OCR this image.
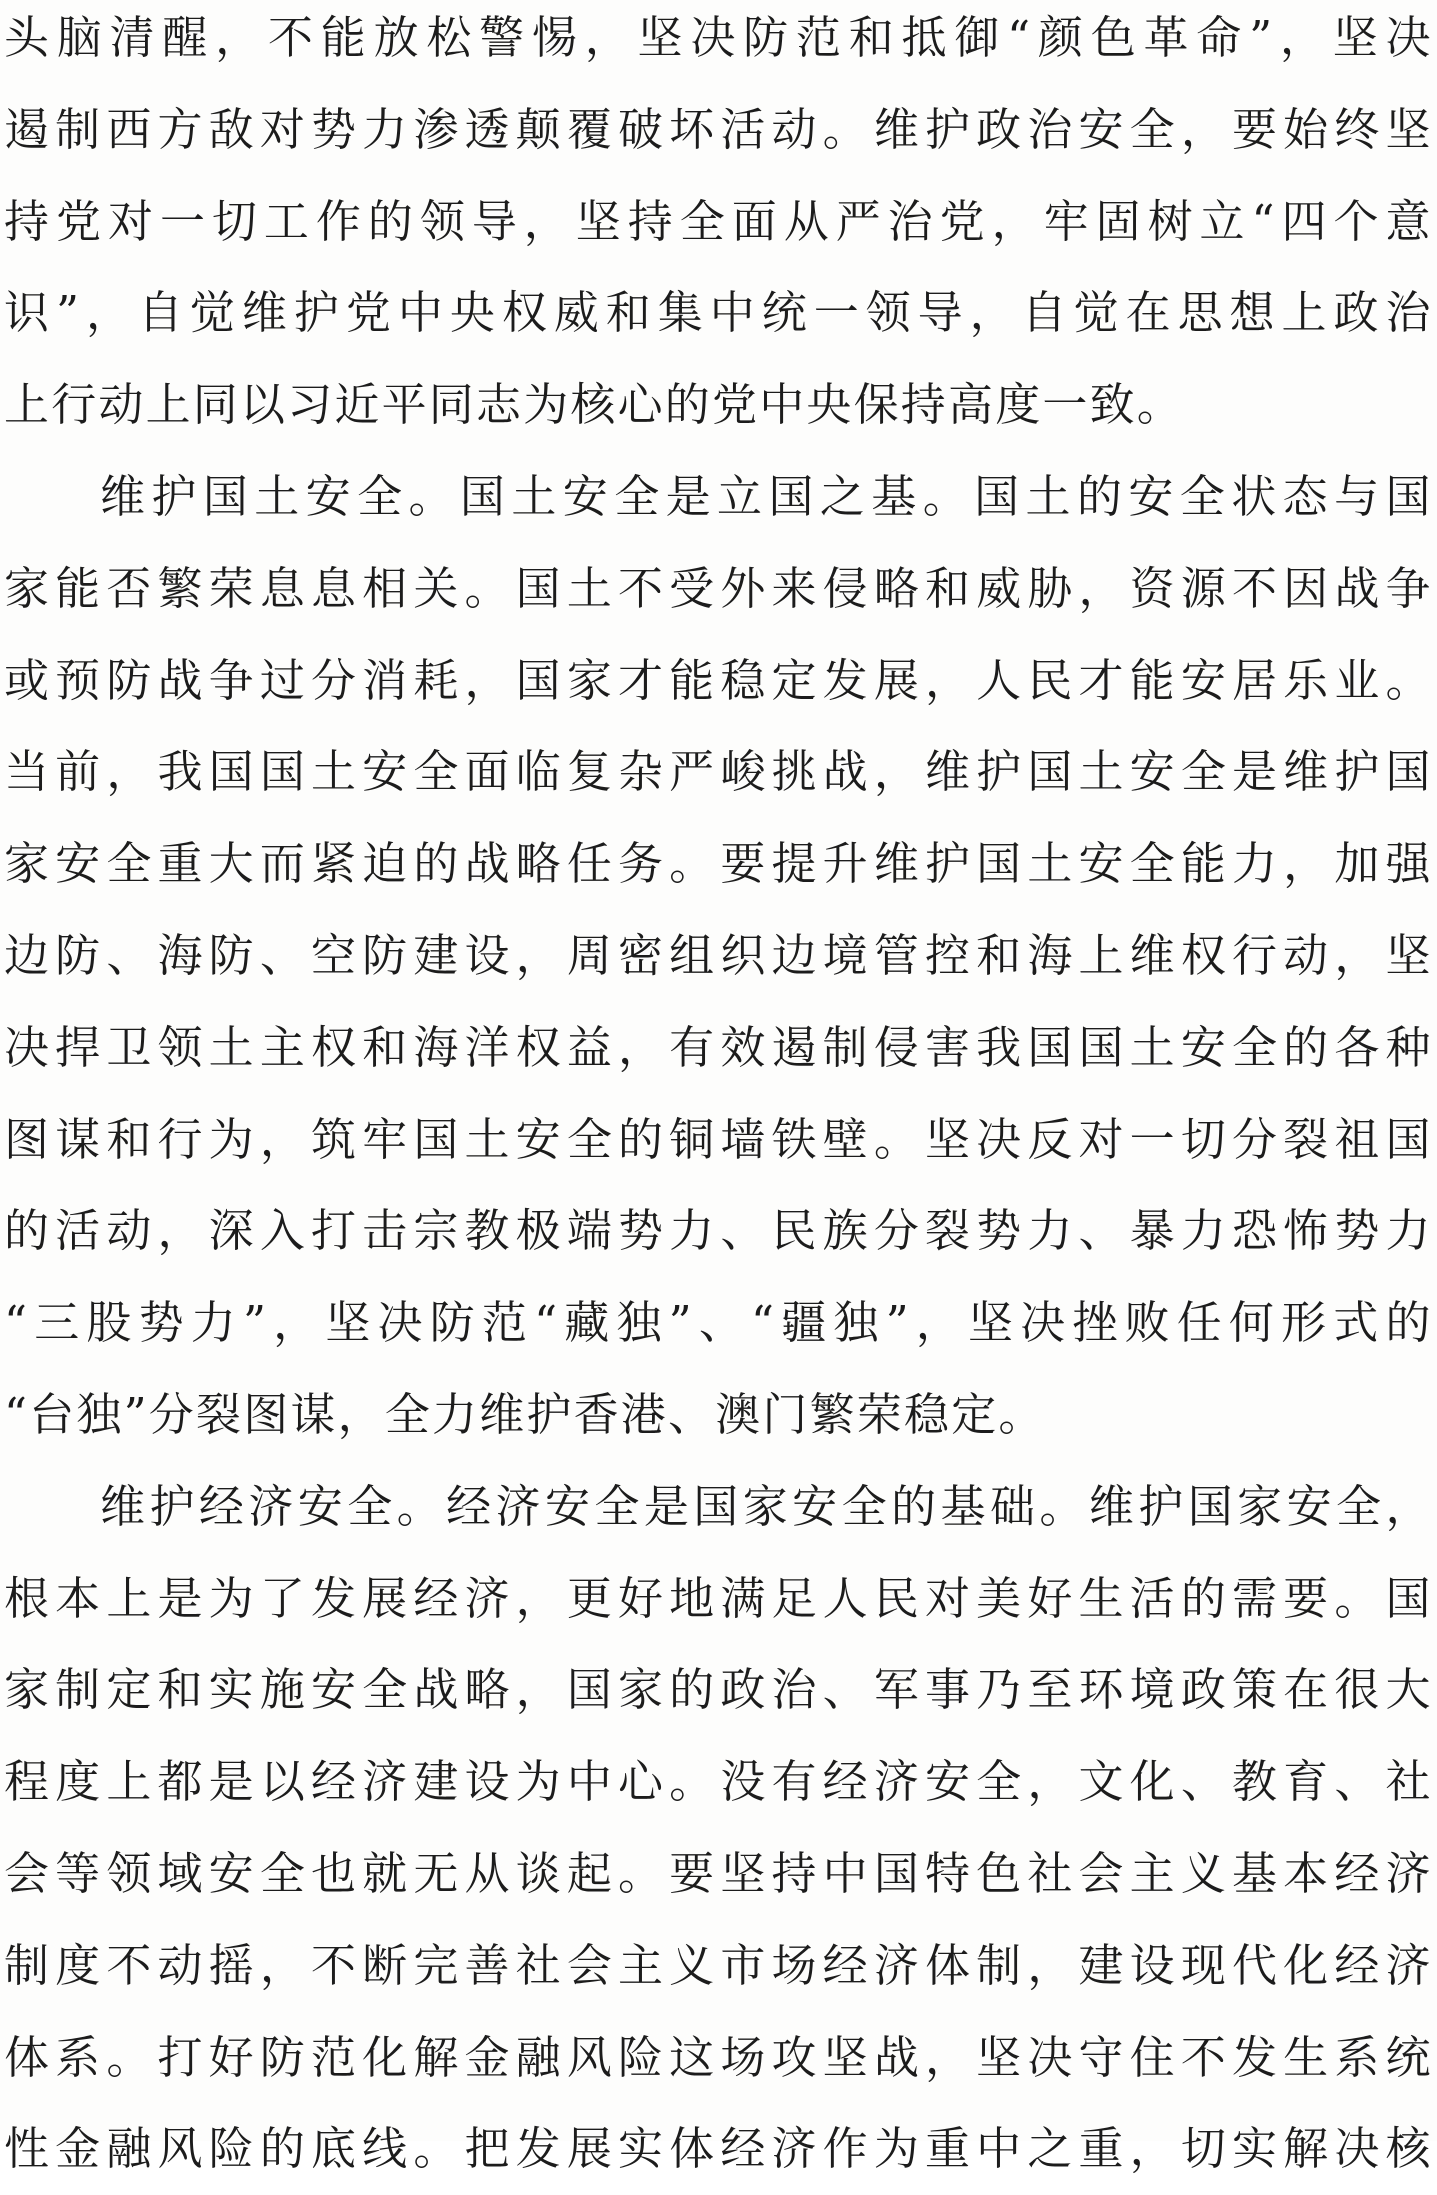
头脑清醒，不能放松警惕，坚决防范和抵御“颜色革命”，坚决
遏制西方敌对势力渗透颠覆破坏活动。维护政治安全，要始终坚
持党对一切工作的领导，坚持全面从严治党，牢固树立“四个意
识”，自觉维护党中央权威和集中统一领导，自觉在思想上政治
上行动上同以习近平同志为核心的党中央保持高度一致。
维护国土安全。国土安全是立国之基。国土的安全状态与国
家能否繁荣息息相关。国土不受外来侵略和威胁，资源不因战争
或预防战争过分消耗，国家才能稳定发展，人民才能安居乐业。
当前，我国国土安全面临复杂严峻挑战，维护国土安全是维护国
家安全重大而紧迫的战略任务。要提升维护国土安全能力，加强
边防、海防、空防建设，周密组织边境管控和海上维权行动，坚
决捍卫领土主权和海洋权益，有效遏制侵害我国国土安全的各种
图谋和行为，筑牢国土安全的铜墙铁壁。坚决反对一切分裂祖国
的活动，深入打击宗教极端势力、民族分裂势力、暴力恐怖势力
“三股势力”，坚决防范“藏独”、“疆独”，坚决挫败任何形式的
“台独”分裂图谋，全力维护香港、澳门繁荣稳定。
维护经济安全。经济安全是国家安全的基础。维护国家安全，
根本上是为了发展经济，更好地满足人民对美好生活的需要。国
家制定和实施安全战略，国家的政治、军事乃至环境政策在很大
程度上都是以经济建设为中心。没有经济安全，文化、教育、社
会等领域安全也就无从谈起。要坚持中国特色社会主义基本经济
制度不动摇，不断完善社会主义市场经济体制，建设现代化经济
体系。打好防范化解金融风险这场攻坚战，坚决守住不发生系统
性金融风险的底线。把发展实体经济作为重中之重，切实解决核
